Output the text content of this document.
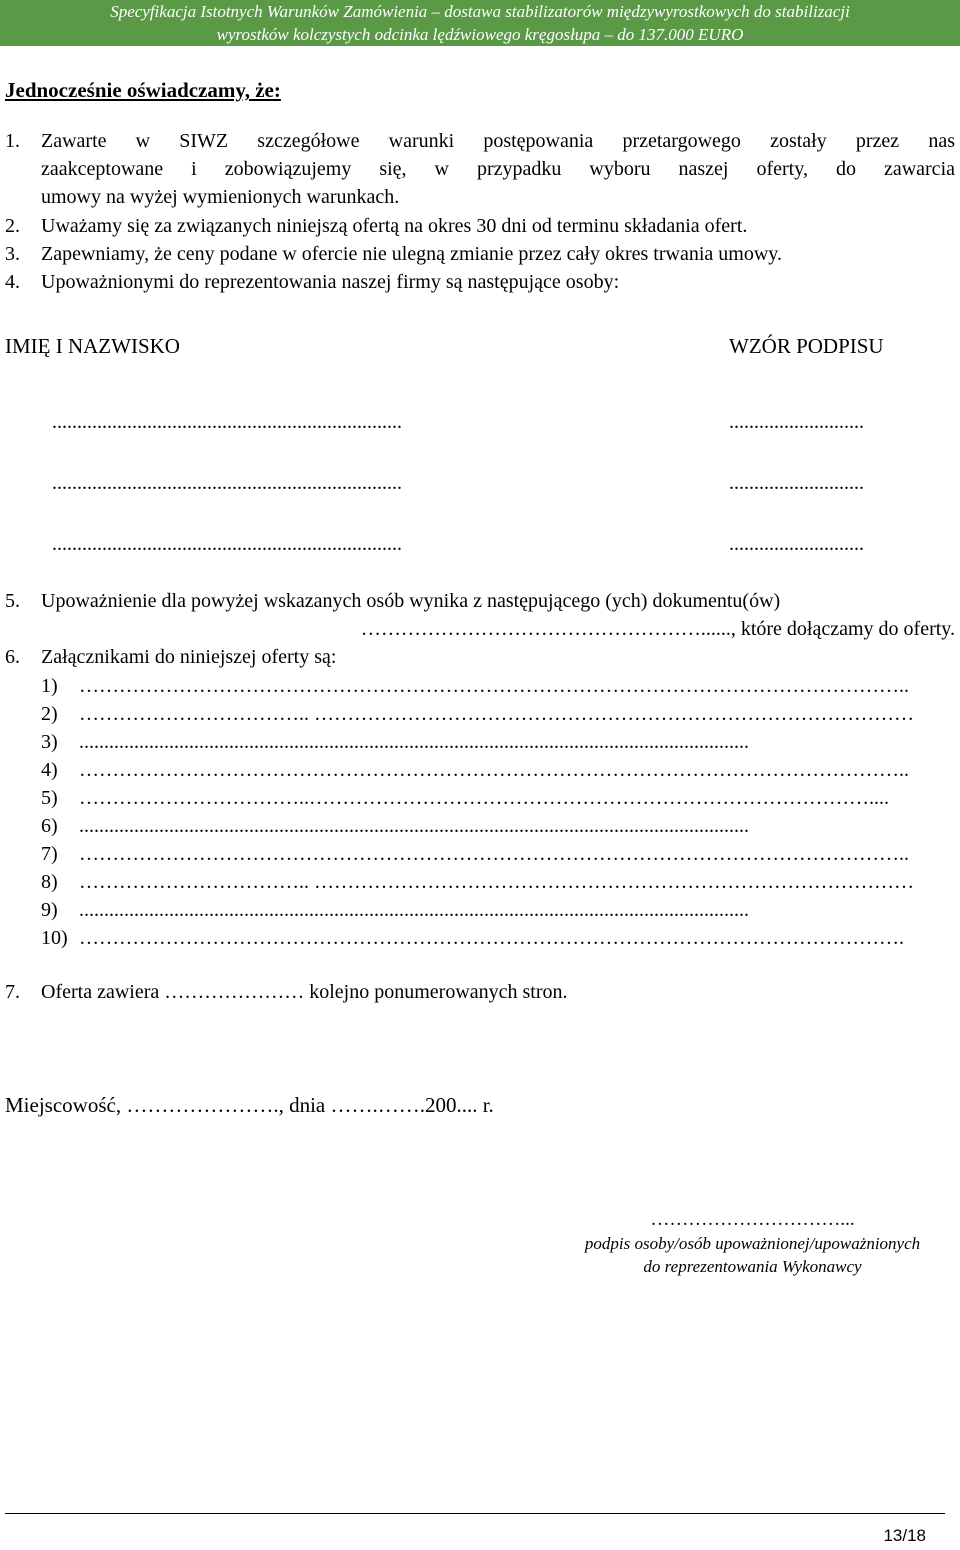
Specyfikacja Istotnych Warunków Zamówienia – dostawa stabilizatorów międzywyrostkowych do stabilizacji
wyrostków kolczystych odcinka lędźwiowego kręgosłupa – do 137.000 EURO
Jednocześnie oświadczamy, że:
1. Zawarte w SIWZ szczegółowe warunki postępowania przetargowego zostały przez nas
zaakceptowane i zobowiązujemy się, w przypadku wyboru naszej oferty, do zawarcia
umowy na wyżej wymienionych warunkach.
2. Uważamy się za związanych niniejszą ofertą na okres 30 dni od terminu składania ofert.
3. Zapewniamy, że ceny podane w ofercie nie ulegną zmianie przez cały okres trwania umowy.
4. Upoważnionymi do reprezentowania naszej firmy są następujące osoby:
IMIĘ I NAZWISKO	WZÓR PODPISU
......................................................................	...........................
......................................................................	...........................
......................................................................	...........................
5. Upoważnienie dla powyżej wskazanych osób wynika z następującego (ych) dokumentu(ów)
……………………………………………......, które dołączamy do oferty.
6. Załącznikami do niniejszej oferty są:
1)	……………………………………………………………………………………………………………..
2)	…………………………….. ………………………………………………………………………………
3)	......................................................................................................................................
4)	……………………………………………………………………………………………………………..
5)	……………………………..…………………………………………………………………………....
6)	......................................................................................................................................
7)	……………………………………………………………………………………………………………..
8)	…………………………….. ………………………………………………………………………………
9)	......................................................................................................................................
10) …………………………………………………………………………………………………………….
7. Oferta zawiera ………………… kolejno ponumerowanych stron.
Miejscowość, …………………., dnia …….…….200.... r.
…………………………...
podpis osoby/osób upoważnionej/upoważnionych
do reprezentowania Wykonawcy
13/18
